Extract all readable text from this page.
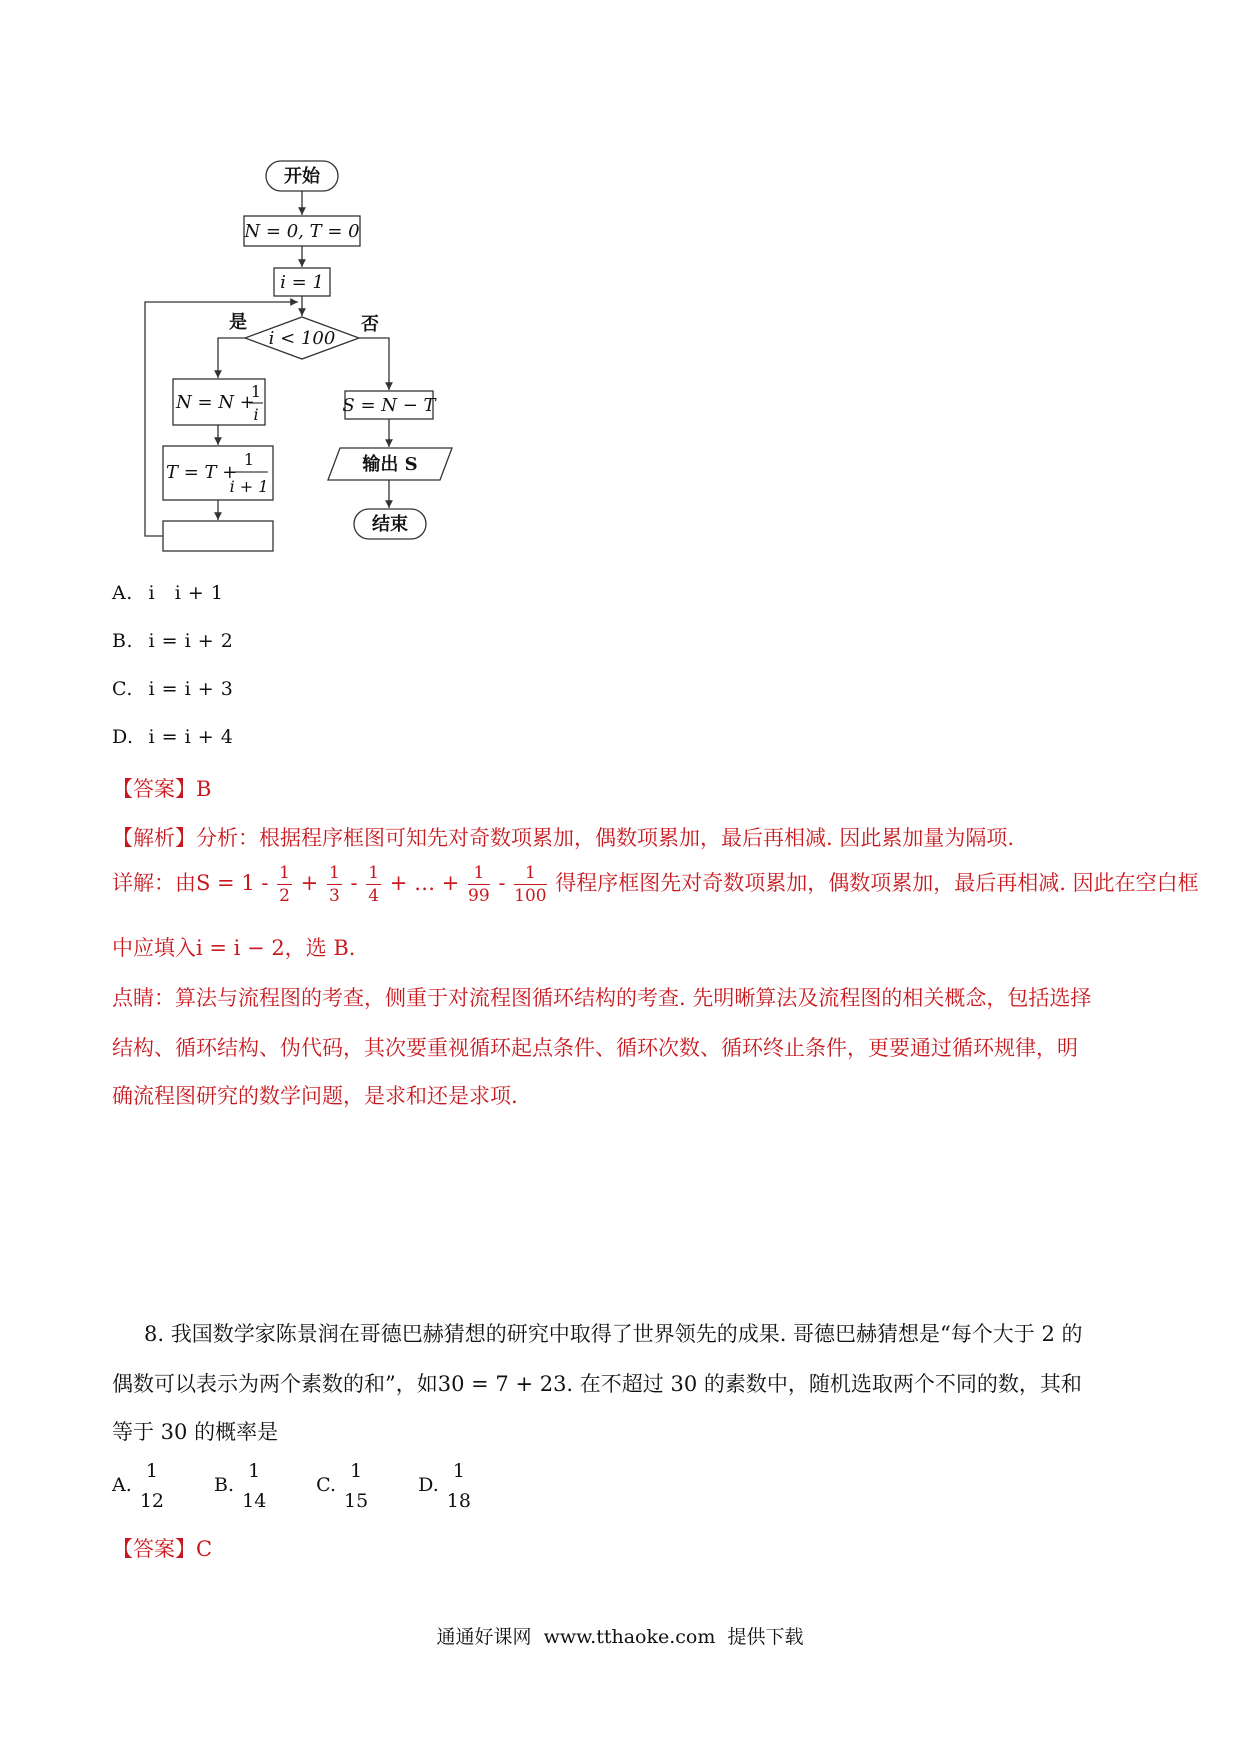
开始
N = 0, T = 0
i = 1
i < 100
是	否
N = N +
1
i
T = T +
1
i + 1
S = N − T
输出 S
结束
A. i   i + 1
B. i = i + 2
C. i = i + 3
D. i = i + 4
【答案】B
【解析】分析：根据程序框图可知先对奇数项累加，偶数项累加，最后再相减. 因此累加量为隔项.
详解：由$S = 1 - \frac{1}{2} + \frac{1}{3} - \frac{1}{4}$ + … + $\frac{1}{99} - \frac{1}{100}$ 得程序框图先对奇数项累加，偶数项累加，最后再相减. 因此在空白框
中应填入i = i − 2，选 B.
点睛：算法与流程图的考查，侧重于对流程图循环结构的考查. 先明晰算法及流程图的相关概念，包括选择
结构、循环结构、伪代码，其次要重视循环起点条件、循环次数、循环终止条件，更要通过循环规律，明
确流程图研究的数学问题，是求和还是求项.
8. 我国数学家陈景润在哥德巴赫猜想的研究中取得了世界领先的成果. 哥德巴赫猜想是“每个大于 2 的
偶数可以表示为两个素数的和”，如30 = 7 + 23. 在不超过 30 的素数中，随机选取两个不同的数，其和
等于 30 的概率是
A.
1
12
B.
1
14
C.
1
15
D.
1
18
【答案】C
通通好课网  www.tthaoke.com  提供下载
